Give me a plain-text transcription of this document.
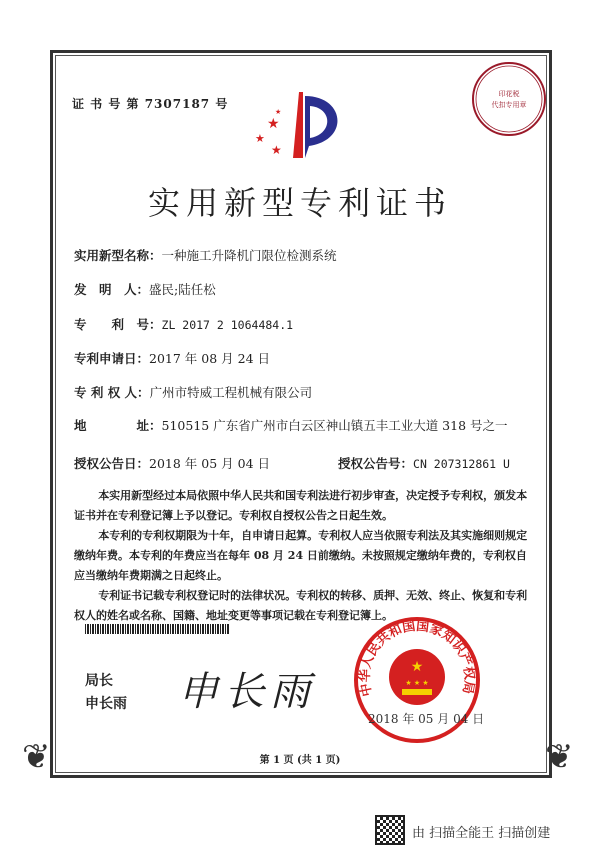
❦	❦
证 书 号 第 7307187 号
★
★
★
★
印花税
代扣专用章
实用新型专利证书
实用新型名称：一种施工升降机门限位检测系统
发　明　人：盛民;陆任松
专　　利　号：ZL 2017 2 1064484.1
专利申请日：2017 年 08 月 24 日
专 利 权 人：广州市特威工程机械有限公司
地　　　　址：510515 广东省广州市白云区神山镇五丰工业大道 318 号之一
授权公告日：2018 年 05 月 04 日	授权公告号：CN 207312861 U
本实用新型经过本局依照中华人民共和国专利法进行初步审查，决定授予专利权，颁发本证书并在专利登记簿上予以登记。专利权自授权公告之日起生效。
本专利的专利权期限为十年，自申请日起算。专利权人应当依照专利法及其实施细则规定缴纳年费。本专利的年费应当在每年 08 月 24 日前缴纳。未按照规定缴纳年费的，专利权自应当缴纳年费期满之日起终止。
专利证书记载专利权登记时的法律状况。专利权的转移、质押、无效、终止、恢复和专利权人的姓名或名称、国籍、地址变更等事项记载在专利登记簿上。
局长
申长雨 申长雨	中华人民共和国国家知识产权局
★
★ ★ ★
2018 年 05 月 04 日
第 1 页 (共 1 页)
由 扫描全能王 扫描创建
